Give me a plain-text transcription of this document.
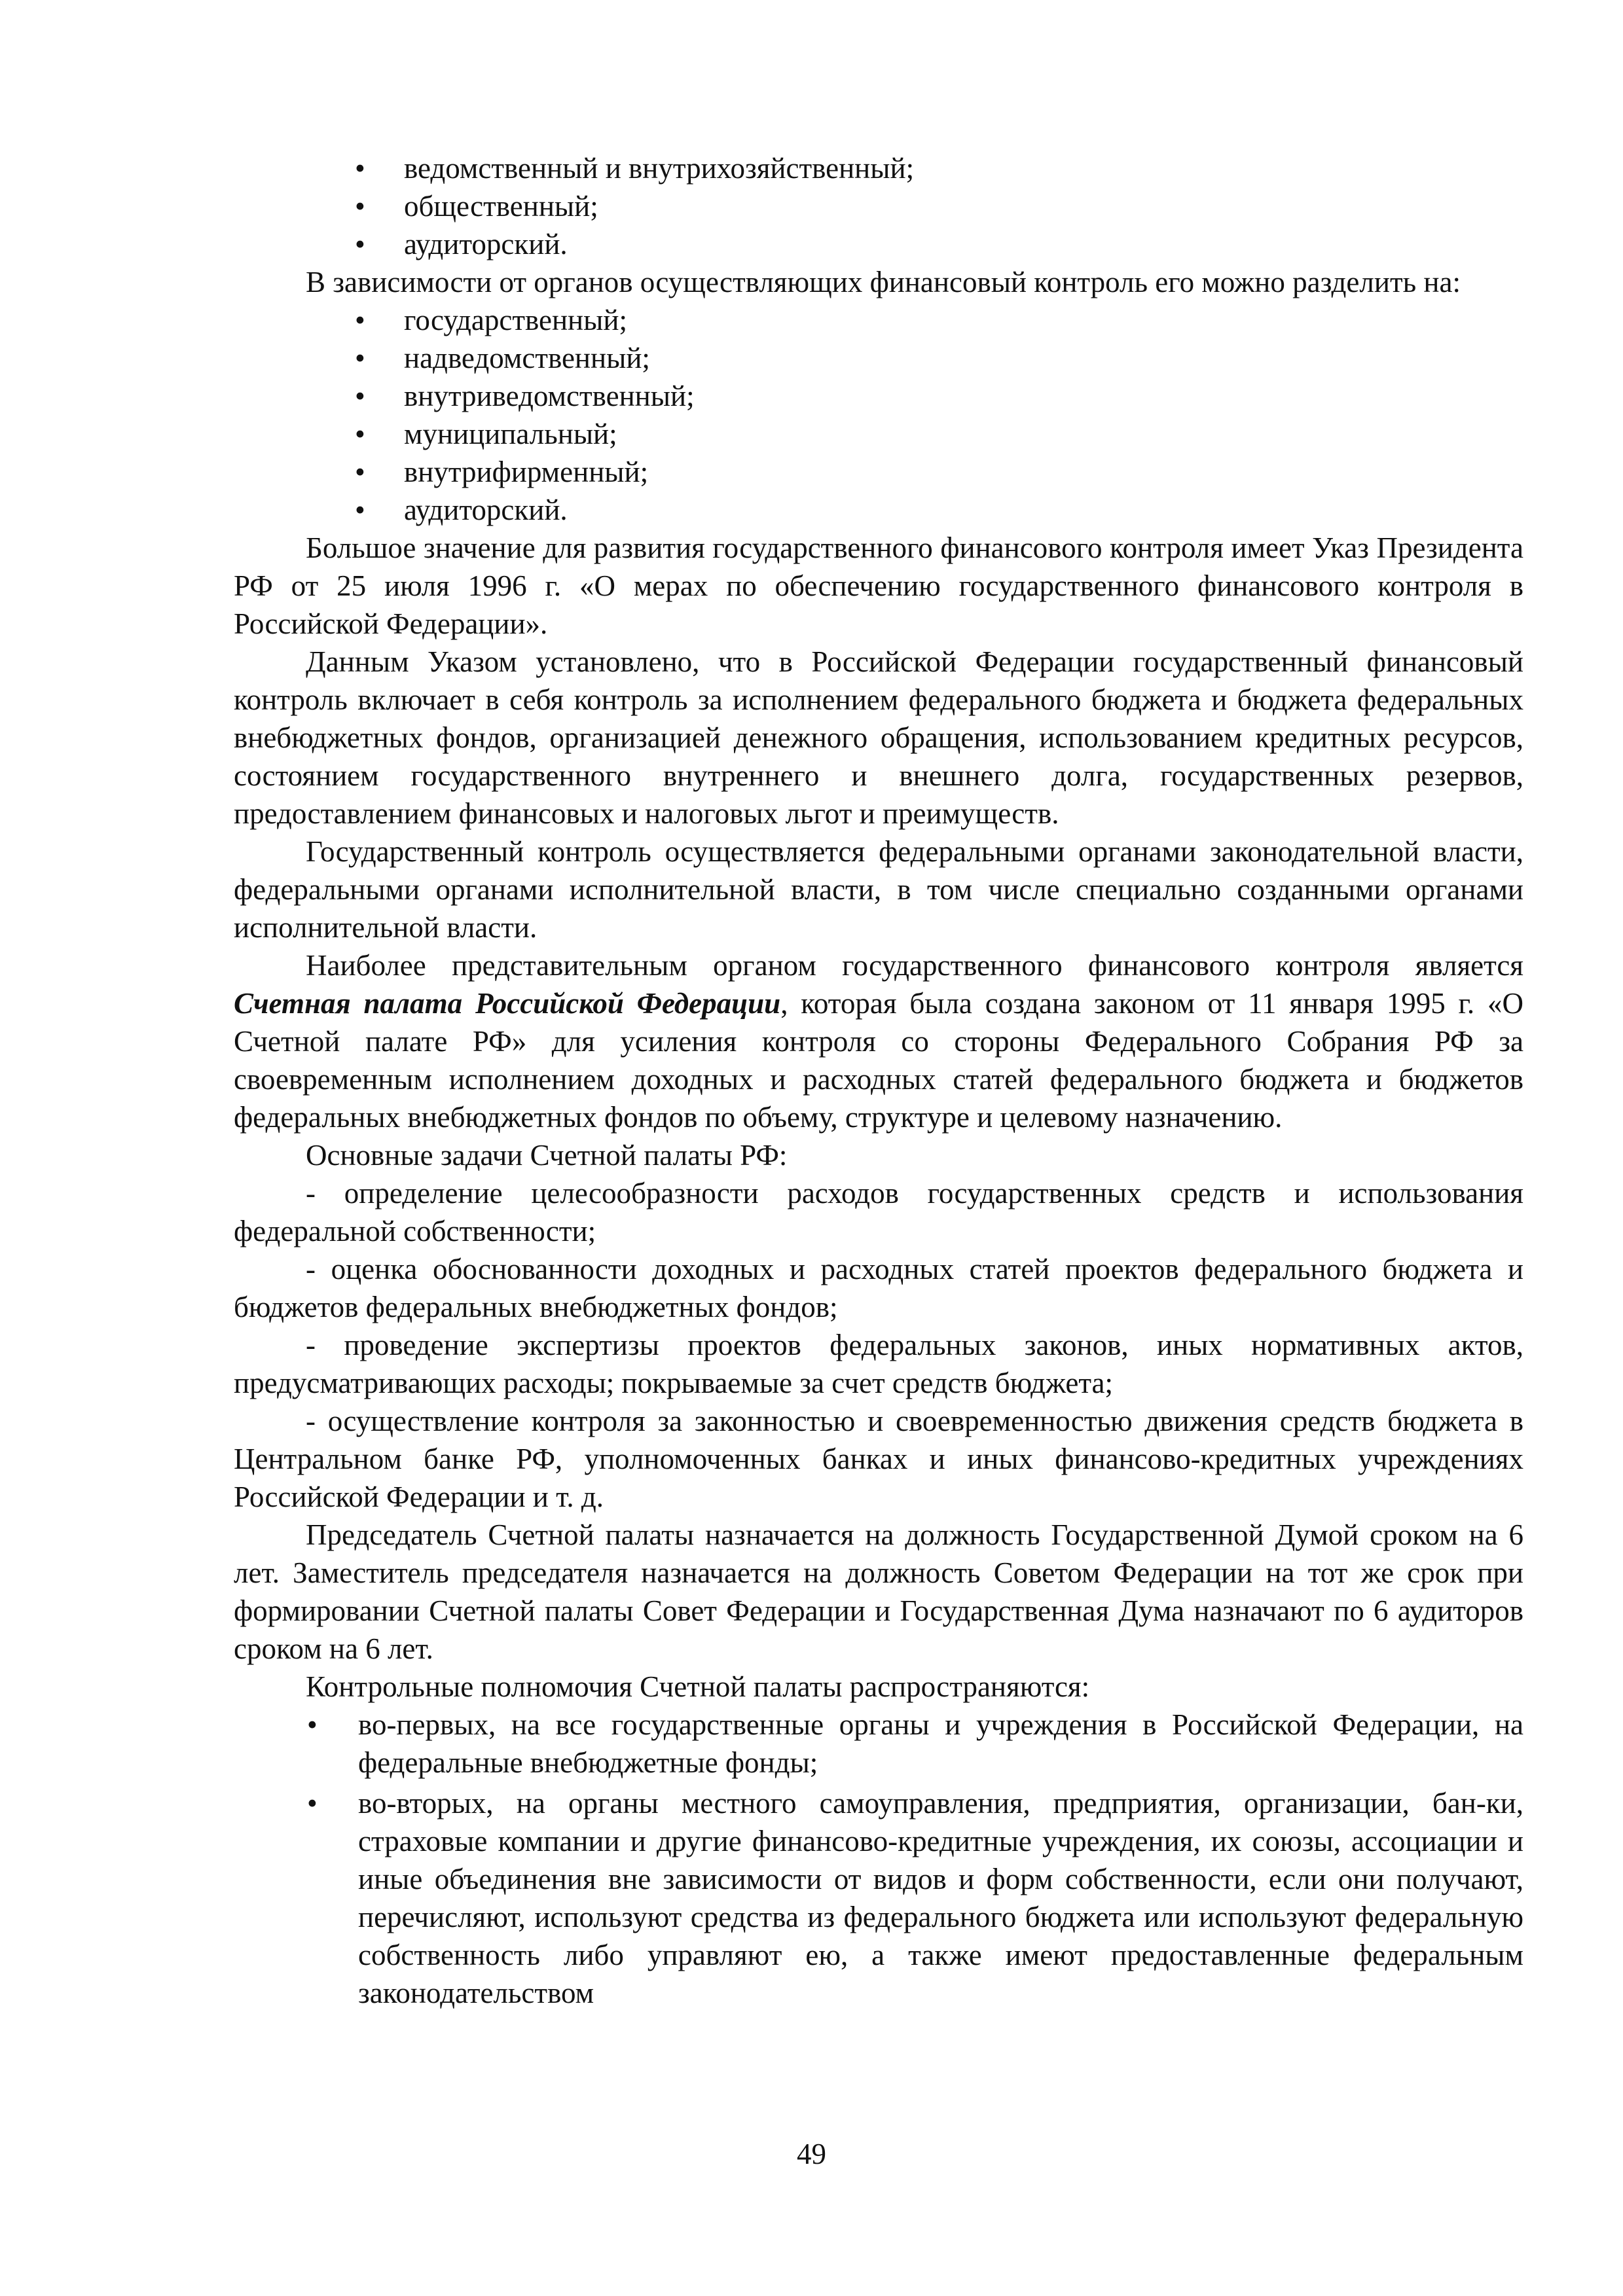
• ведомственный и внутрихозяйственный;
• общественный;
• аудиторский.

В зависимости от органов осуществляющих финансовый контроль его можно разделить на:

• государственный;
• надведомственный;
• внутриведомственный;
• муниципальный;
• внутрифирменный;
• аудиторский.

Большое значение для развития государственного финансового контроля имеет Указ Президента РФ от 25 июля 1996 г. «О мерах по обеспечению государственного финансового контроля в Российской Федерации».

Данным Указом установлено, что в Российской Федерации государственный финансовый контроль включает в себя контроль за исполнением федерального бюджета и бюджета федеральных внебюджетных фондов, организацией денежного обращения, использованием кредитных ресурсов, состоянием государственного внутреннего и внешнего долга, государственных резервов, предоставлением финансовых и налоговых льгот и преимуществ.

Государственный контроль осуществляется федеральными органами законодательной власти, федеральными органами исполнительной власти, в том числе специально созданными органами исполнительной власти.

Наиболее представительным органом государственного финансового контроля является Счетная палата Российской Федерации, которая была создана законом от 11 января 1995 г. «О Счетной палате РФ» для усиления контроля со стороны Федерального Собрания РФ за своевременным исполнением доходных и расходных статей федерального бюджета и бюджетов федеральных внебюджетных фондов по объему, структуре и целевому назначению.

Основные задачи Счетной палаты РФ:

- определение целесообразности расходов государственных средств и использования федеральной собственности;

- оценка обоснованности доходных и расходных статей проектов федерального бюджета и бюджетов федеральных внебюджетных фондов;

- проведение экспертизы проектов федеральных законов, иных нормативных актов, предусматривающих расходы; покрываемые за счет средств бюджета;

- осуществление контроля за законностью и своевременностью движения средств бюджета в Центральном банке РФ, уполномоченных банках и иных финансово-кредитных учреждениях Российской Федерации и т. д.

Председатель Счетной палаты назначается на должность Государственной Думой сроком на 6 лет. Заместитель председателя назначается на должность Советом Федерации на тот же срок при формировании Счетной палаты Совет Федерации и Государственная Дума назначают по 6 аудиторов сроком на 6 лет.

Контрольные полномочия Счетной палаты распространяются:

• во-первых, на все государственные органы и учреждения в Российской Федерации, на федеральные внебюджетные фонды;
• во-вторых, на органы местного самоуправления, предприятия, организации, бан-ки, страховые компании и другие финансово-кредитные учреждения, их союзы, ассоциации и иные объединения вне зависимости от видов и форм собственности, если они получают, перечисляют, используют средства из федерального бюджета или используют федеральную собственность либо управляют ею, а также имеют предоставленные федеральным законодательством
49
